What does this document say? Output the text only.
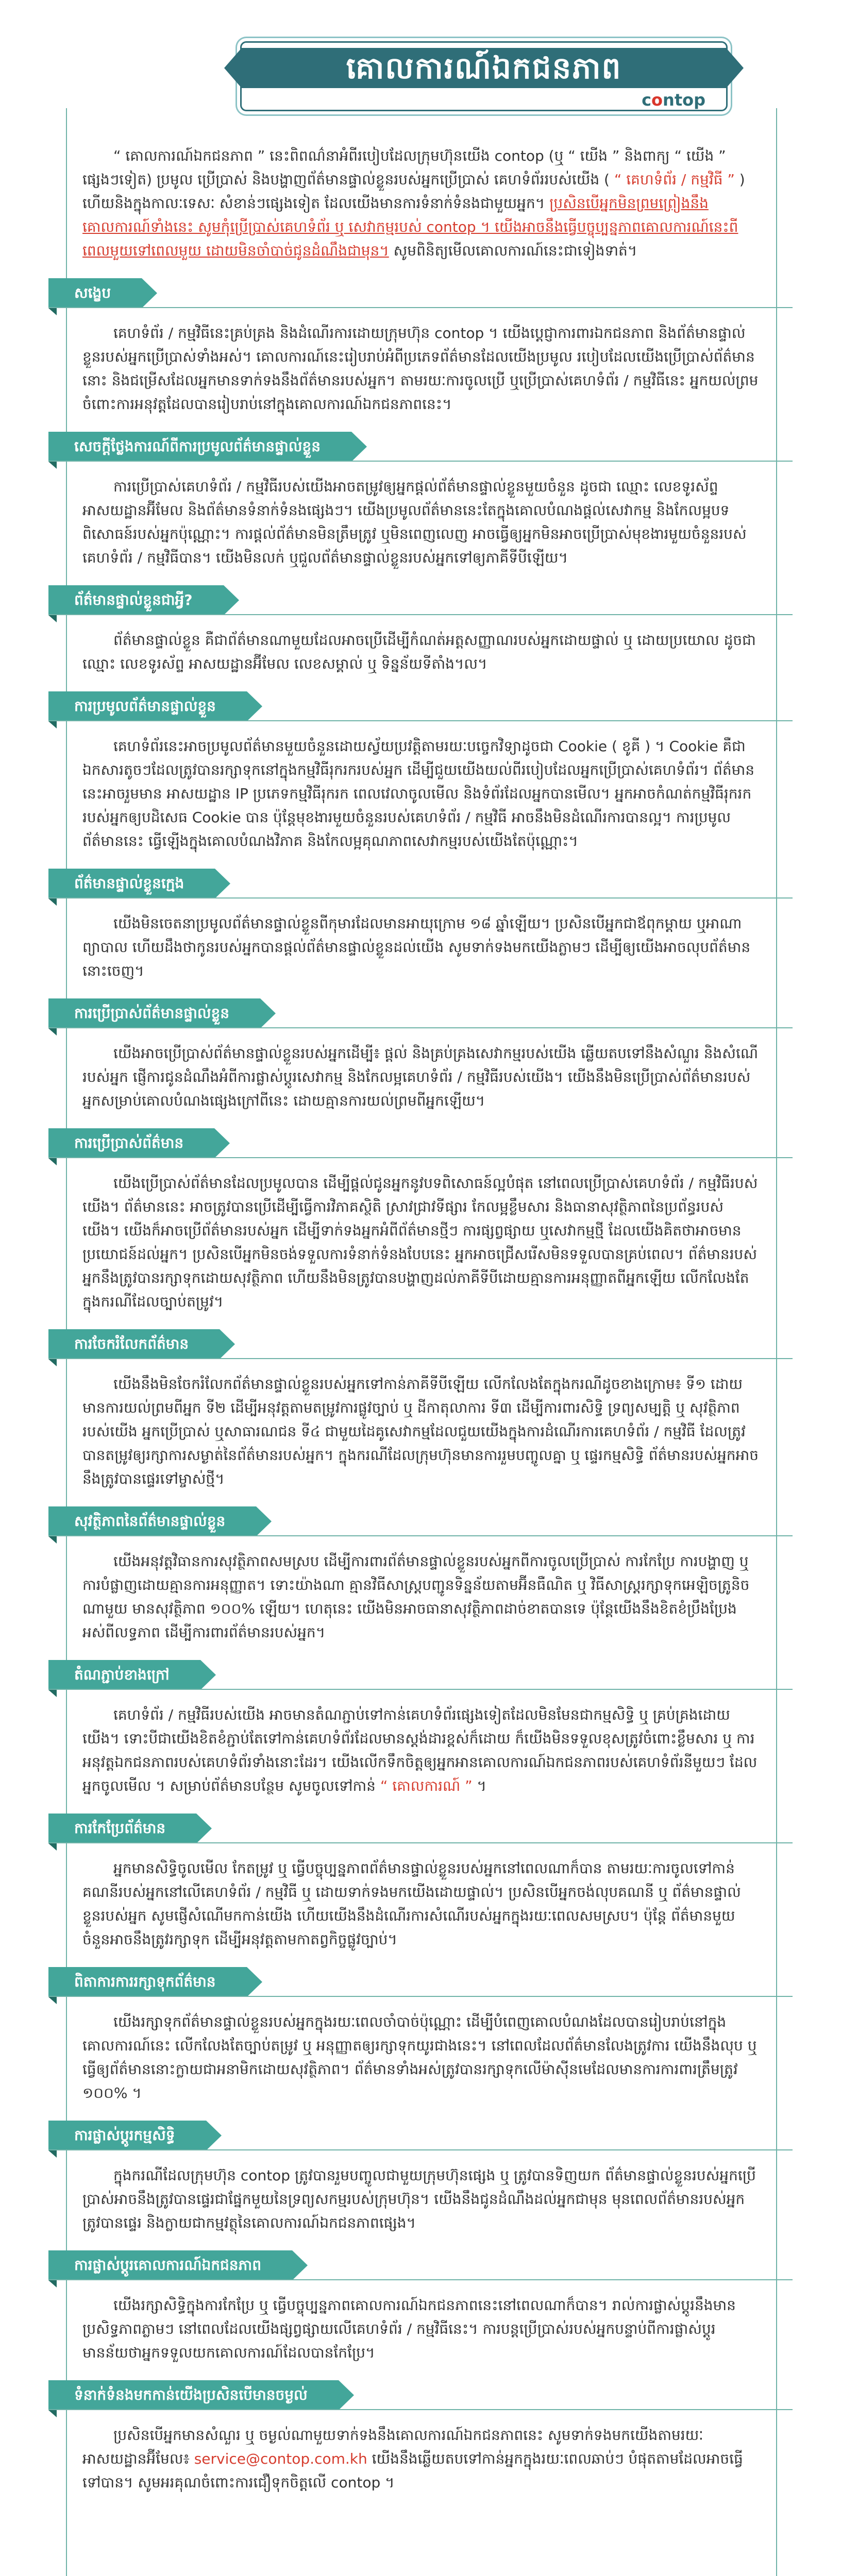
គោលការណ៍ឯកជនភាព
contop

“ គោលការណ៍ឯកជនភាព ” នេះពិពណ៌នាអំពីរបៀបដែលក្រុមហ៊ុនយើង contop (ឬ “ យើង ” និងពាក្យ “ យើង ” ផ្សេងៗទៀត) ប្រមូល ប្រើប្រាស់ និងបង្ហាញព័ត៌មានផ្ទាល់ខ្លួនរបស់អ្នកប្រើប្រាស់ គេហទំព័ររបស់យើង ( “ គេហទំព័រ / កម្មវិធី ” ) ហើយនិងក្នុងកាលៈទេសៈ សំខាន់ៗផ្សេងទៀត ដែលយើងមានការទំនាក់ទំនងជាមួយអ្នក។ ប្រសិនបើអ្នកមិនព្រមព្រៀងនឹងគោលការណ៍ទាំងនេះ សូមកុំប្រើប្រាស់គេហទំព័រ ឬ សេវាកម្មរបស់ contop ។ យើងអាចនឹងធ្វើបច្ចុប្បន្នភាពគោលការណ៍នេះពីពេលមួយទៅពេលមួយ ដោយមិនចាំបាច់ជូនដំណឹងជាមុន។ សូមពិនិត្យមើលគោលការណ៍នេះជាទៀងទាត់។

សង្ខេប

គេហទំព័រ / កម្មវិធីនេះគ្រប់គ្រង និងដំណើរការដោយក្រុមហ៊ុន contop ។ យើងប្តេជ្ញាការពារឯកជនភាព និងព័ត៌មានផ្ទាល់ខ្លួនរបស់អ្នកប្រើប្រាស់ទាំងអស់។ គោលការណ៍នេះរៀបរាប់អំពីប្រភេទព័ត៌មានដែលយើងប្រមូល របៀបដែលយើងប្រើប្រាស់ព័ត៌មាននោះ និងជម្រើសដែលអ្នកមានទាក់ទងនឹងព័ត៌មានរបស់អ្នក។ តាមរយៈការចូលប្រើ ឬប្រើប្រាស់គេហទំព័រ / កម្មវិធីនេះ អ្នកយល់ព្រមចំពោះការអនុវត្តដែលបានរៀបរាប់នៅក្នុងគោលការណ៍ឯកជនភាពនេះ។

សេចក្តីថ្លែងការណ៍ពីការប្រមូលព័ត៌មានផ្ទាល់ខ្លួន

ការប្រើប្រាស់គេហទំព័រ / កម្មវិធីរបស់យើងអាចតម្រូវឲ្យអ្នកផ្តល់ព័ត៌មានផ្ទាល់ខ្លួនមួយចំនួន ដូចជា ឈ្មោះ លេខទូរស័ព្ទ អាសយដ្ឋានអ៊ីមែល និងព័ត៌មានទំនាក់ទំនងផ្សេងៗ។ យើងប្រមូលព័ត៌មាននេះតែក្នុងគោលបំណងផ្តល់សេវាកម្ម និងកែលម្អបទពិសោធន៍របស់អ្នកប៉ុណ្ណោះ។ ការផ្តល់ព័ត៌មានមិនត្រឹមត្រូវ ឬមិនពេញលេញ អាចធ្វើឲ្យអ្នកមិនអាចប្រើប្រាស់មុខងារមួយចំនួនរបស់គេហទំព័រ / កម្មវិធីបាន។ យើងមិនលក់ ឬជួលព័ត៌មានផ្ទាល់ខ្លួនរបស់អ្នកទៅឲ្យភាគីទីបីឡើយ។

ព័ត៌មានផ្ទាល់ខ្លួនជាអ្វី?

ព័ត៌មានផ្ទាល់ខ្លួន គឺជាព័ត៌មានណាមួយដែលអាចប្រើដើម្បីកំណត់អត្តសញ្ញាណរបស់អ្នកដោយផ្ទាល់ ឬ ដោយប្រយោល ដូចជា ឈ្មោះ លេខទូរស័ព្ទ អាសយដ្ឋានអ៊ីមែល លេខសម្គាល់ ឬ ទិន្នន័យទីតាំង។ល។

ការប្រមូលព័ត៌មានផ្ទាល់ខ្លួន

គេហទំព័រនេះអាចប្រមូលព័ត៌មានមួយចំនួនដោយស្វ័យប្រវត្តិតាមរយៈបច្ចេកវិទ្យាដូចជា Cookie ( ខូគី ) ។ Cookie គឺជាឯកសារតូចៗដែលត្រូវបានរក្សាទុកនៅក្នុងកម្មវិធីរុករករបស់អ្នក ដើម្បីជួយយើងយល់ពីរបៀបដែលអ្នកប្រើប្រាស់គេហទំព័រ។ ព័ត៌មាននេះអាចរួមមាន អាសយដ្ឋាន IP ប្រភេទកម្មវិធីរុករក ពេលវេលាចូលមើល និងទំព័រដែលអ្នកបានមើល។ អ្នកអាចកំណត់កម្មវិធីរុករករបស់អ្នកឲ្យបដិសេធ Cookie បាន ប៉ុន្តែមុខងារមួយចំនួនរបស់គេហទំព័រ / កម្មវិធី អាចនឹងមិនដំណើរការបានល្អ។ ការប្រមូលព័ត៌មាននេះ ធ្វើឡើងក្នុងគោលបំណងវិភាគ និងកែលម្អគុណភាពសេវាកម្មរបស់យើងតែប៉ុណ្ណោះ។

ព័ត៌មានផ្ទាល់ខ្លួនក្មេង

យើងមិនចេតនាប្រមូលព័ត៌មានផ្ទាល់ខ្លួនពីកុមារដែលមានអាយុក្រោម ១៨ ឆ្នាំឡើយ។ ប្រសិនបើអ្នកជាឪពុកម្តាយ ឬអាណាព្យាបាល ហើយដឹងថាកូនរបស់អ្នកបានផ្តល់ព័ត៌មានផ្ទាល់ខ្លួនដល់យើង សូមទាក់ទងមកយើងភ្លាមៗ ដើម្បីឲ្យយើងអាចលុបព័ត៌មាននោះចេញ។

ការប្រើប្រាស់ព័ត៌មានផ្ទាល់ខ្លួន

យើងអាចប្រើប្រាស់ព័ត៌មានផ្ទាល់ខ្លួនរបស់អ្នកដើម្បី៖ ផ្តល់ និងគ្រប់គ្រងសេវាកម្មរបស់យើង ឆ្លើយតបទៅនឹងសំណួរ និងសំណើរបស់អ្នក ផ្ញើការជូនដំណឹងអំពីការផ្លាស់ប្តូរសេវាកម្ម និងកែលម្អគេហទំព័រ / កម្មវិធីរបស់យើង។ យើងនឹងមិនប្រើប្រាស់ព័ត៌មានរបស់អ្នកសម្រាប់គោលបំណងផ្សេងក្រៅពីនេះ ដោយគ្មានការយល់ព្រមពីអ្នកឡើយ។

ការប្រើប្រាស់ព័ត៌មាន

យើងប្រើប្រាស់ព័ត៌មានដែលប្រមូលបាន ដើម្បីផ្តល់ជូនអ្នកនូវបទពិសោធន៍ល្អបំផុត នៅពេលប្រើប្រាស់គេហទំព័រ / កម្មវិធីរបស់យើង។ ព័ត៌មាននេះ អាចត្រូវបានប្រើដើម្បីធ្វើការវិភាគស្ថិតិ ស្រាវជ្រាវទីផ្សារ កែលម្អខ្លឹមសារ និងធានាសុវត្ថិភាពនៃប្រព័ន្ធរបស់យើង។ យើងក៏អាចប្រើព័ត៌មានរបស់អ្នក ដើម្បីទាក់ទងអ្នកអំពីព័ត៌មានថ្មីៗ ការផ្សព្វផ្សាយ ឬសេវាកម្មថ្មី ដែលយើងគិតថាអាចមានប្រយោជន៍ដល់អ្នក។ ប្រសិនបើអ្នកមិនចង់ទទួលការទំនាក់ទំនងបែបនេះ អ្នកអាចជ្រើសរើសមិនទទួលបានគ្រប់ពេល។ ព័ត៌មានរបស់អ្នកនឹងត្រូវបានរក្សាទុកដោយសុវត្ថិភាព ហើយនឹងមិនត្រូវបានបង្ហាញដល់ភាគីទីបីដោយគ្មានការអនុញ្ញាតពីអ្នកឡើយ លើកលែងតែក្នុងករណីដែលច្បាប់តម្រូវ។

ការចែករំលែកព័ត៌មាន

យើងនឹងមិនចែករំលែកព័ត៌មានផ្ទាល់ខ្លួនរបស់អ្នកទៅកាន់ភាគីទីបីឡើយ លើកលែងតែក្នុងករណីដូចខាងក្រោម៖ ទី១ ដោយមានការយល់ព្រមពីអ្នក ទី២ ដើម្បីអនុវត្តតាមតម្រូវការផ្លូវច្បាប់ ឬ ដីកាតុលាការ ទី៣ ដើម្បីការពារសិទ្ធិ ទ្រព្យសម្បត្តិ ឬ សុវត្ថិភាពរបស់យើង អ្នកប្រើប្រាស់ ឬសាធារណជន ទី៤ ជាមួយដៃគូសេវាកម្មដែលជួយយើងក្នុងការដំណើរការគេហទំព័រ / កម្មវិធី ដែលត្រូវបានតម្រូវឲ្យរក្សាការសម្ងាត់នៃព័ត៌មានរបស់អ្នក។ ក្នុងករណីដែលក្រុមហ៊ុនមានការរួមបញ្ចូលគ្នា ឬ ផ្ទេរកម្មសិទ្ធិ ព័ត៌មានរបស់អ្នកអាចនឹងត្រូវបានផ្ទេរទៅម្ចាស់ថ្មី។

សុវត្ថិភាពនៃព័ត៌មានផ្ទាល់ខ្លួន

យើងអនុវត្តវិធានការសុវត្ថិភាពសមស្រប ដើម្បីការពារព័ត៌មានផ្ទាល់ខ្លួនរបស់អ្នកពីការចូលប្រើប្រាស់ ការកែប្រែ ការបង្ហាញ ឬការបំផ្លាញដោយគ្មានការអនុញ្ញាត។ ទោះយ៉ាងណា គ្មានវិធីសាស្ត្របញ្ជូនទិន្នន័យតាមអ៊ីនធឺណិត ឬ វិធីសាស្ត្ររក្សាទុកអេឡិចត្រូនិចណាមួយ មានសុវត្ថិភាព ១០០% ឡើយ។ ហេតុនេះ យើងមិនអាចធានាសុវត្ថិភាពដាច់ខាតបានទេ ប៉ុន្តែយើងនឹងខិតខំប្រឹងប្រែងអស់ពីលទ្ធភាព ដើម្បីការពារព័ត៌មានរបស់អ្នក។

តំណភ្ជាប់ខាងក្រៅ

គេហទំព័រ / កម្មវិធីរបស់យើង អាចមានតំណភ្ជាប់ទៅកាន់គេហទំព័រផ្សេងទៀតដែលមិនមែនជាកម្មសិទ្ធិ ឬ គ្រប់គ្រងដោយយើង។ ទោះបីជាយើងខិតខំភ្ជាប់តែទៅកាន់គេហទំព័រដែលមានស្តង់ដារខ្ពស់ក៏ដោយ ក៏យើងមិនទទួលខុសត្រូវចំពោះខ្លឹមសារ ឬ ការអនុវត្តឯកជនភាពរបស់គេហទំព័រទាំងនោះដែរ។ យើងលើកទឹកចិត្តឲ្យអ្នកអានគោលការណ៍ឯកជនភាពរបស់គេហទំព័រនីមួយៗ ដែលអ្នកចូលមើល ។ សម្រាប់ព័ត៌មានបន្ថែម សូមចូលទៅកាន់ “ គោលការណ៍ ” ។

ការកែប្រែព័ត៌មាន

អ្នកមានសិទ្ធិចូលមើល កែតម្រូវ ឬ ធ្វើបច្ចុប្បន្នភាពព័ត៌មានផ្ទាល់ខ្លួនរបស់អ្នកនៅពេលណាក៏បាន តាមរយៈការចូលទៅកាន់គណនីរបស់អ្នកនៅលើគេហទំព័រ / កម្មវិធី ឬ ដោយទាក់ទងមកយើងដោយផ្ទាល់។ ប្រសិនបើអ្នកចង់លុបគណនី ឬ ព័ត៌មានផ្ទាល់ខ្លួនរបស់អ្នក សូមផ្ញើសំណើមកកាន់យើង ហើយយើងនឹងដំណើរការសំណើរបស់អ្នកក្នុងរយៈពេលសមស្រប។ ប៉ុន្តែ ព័ត៌មានមួយចំនួនអាចនឹងត្រូវរក្សាទុក ដើម្បីអនុវត្តតាមកាតព្វកិច្ចផ្លូវច្បាប់។

ពិតាការការរក្សាទុកព័ត៌មាន

យើងរក្សាទុកព័ត៌មានផ្ទាល់ខ្លួនរបស់អ្នកក្នុងរយៈពេលចាំបាច់ប៉ុណ្ណោះ ដើម្បីបំពេញគោលបំណងដែលបានរៀបរាប់នៅក្នុងគោលការណ៍នេះ លើកលែងតែច្បាប់តម្រូវ ឬ អនុញ្ញាតឲ្យរក្សាទុកយូរជាងនេះ។ នៅពេលដែលព័ត៌មានលែងត្រូវការ យើងនឹងលុប ឬ ធ្វើឲ្យព័ត៌មាននោះក្លាយជាអនាមិកដោយសុវត្ថិភាព។ ព័ត៌មានទាំងអស់ត្រូវបានរក្សាទុកលើម៉ាស៊ីនមេដែលមានការការពារត្រឹមត្រូវ ១០០% ។

ការផ្លាស់ប្តូរកម្មសិទ្ធិ

ក្នុងករណីដែលក្រុមហ៊ុន contop ត្រូវបានរួមបញ្ចូលជាមួយក្រុមហ៊ុនផ្សេង ឬ ត្រូវបានទិញយក ព័ត៌មានផ្ទាល់ខ្លួនរបស់អ្នកប្រើប្រាស់អាចនឹងត្រូវបានផ្ទេរជាផ្នែកមួយនៃទ្រព្យសកម្មរបស់ក្រុមហ៊ុន។ យើងនឹងជូនដំណឹងដល់អ្នកជាមុន មុនពេលព័ត៌មានរបស់អ្នកត្រូវបានផ្ទេរ និងក្លាយជាកម្មវត្ថុនៃគោលការណ៍ឯកជនភាពផ្សេង។

ការផ្លាស់ប្តូរគោលការណ៍ឯកជនភាព

យើងរក្សាសិទ្ធិក្នុងការកែប្រែ ឬ ធ្វើបច្ចុប្បន្នភាពគោលការណ៍ឯកជនភាពនេះនៅពេលណាក៏បាន។ រាល់ការផ្លាស់ប្តូរនឹងមានប្រសិទ្ធភាពភ្លាមៗ នៅពេលដែលយើងផ្សព្វផ្សាយលើគេហទំព័រ / កម្មវិធីនេះ។ ការបន្តប្រើប្រាស់របស់អ្នកបន្ទាប់ពីការផ្លាស់ប្តូរ មានន័យថាអ្នកទទួលយកគោលការណ៍ដែលបានកែប្រែ។

ទំនាក់ទំនងមកកាន់យើងប្រសិនបើមានចម្ងល់

ប្រសិនបើអ្នកមានសំណួរ ឬ ចម្ងល់ណាមួយទាក់ទងនឹងគោលការណ៍ឯកជនភាពនេះ សូមទាក់ទងមកយើងតាមរយៈអាសយដ្ឋានអ៊ីមែល៖ service@contop.com.kh យើងនឹងឆ្លើយតបទៅកាន់អ្នកក្នុងរយៈពេលឆាប់ៗ បំផុតតាមដែលអាចធ្វើទៅបាន។ សូមអរគុណចំពោះការជឿទុកចិត្តលើ contop ។
